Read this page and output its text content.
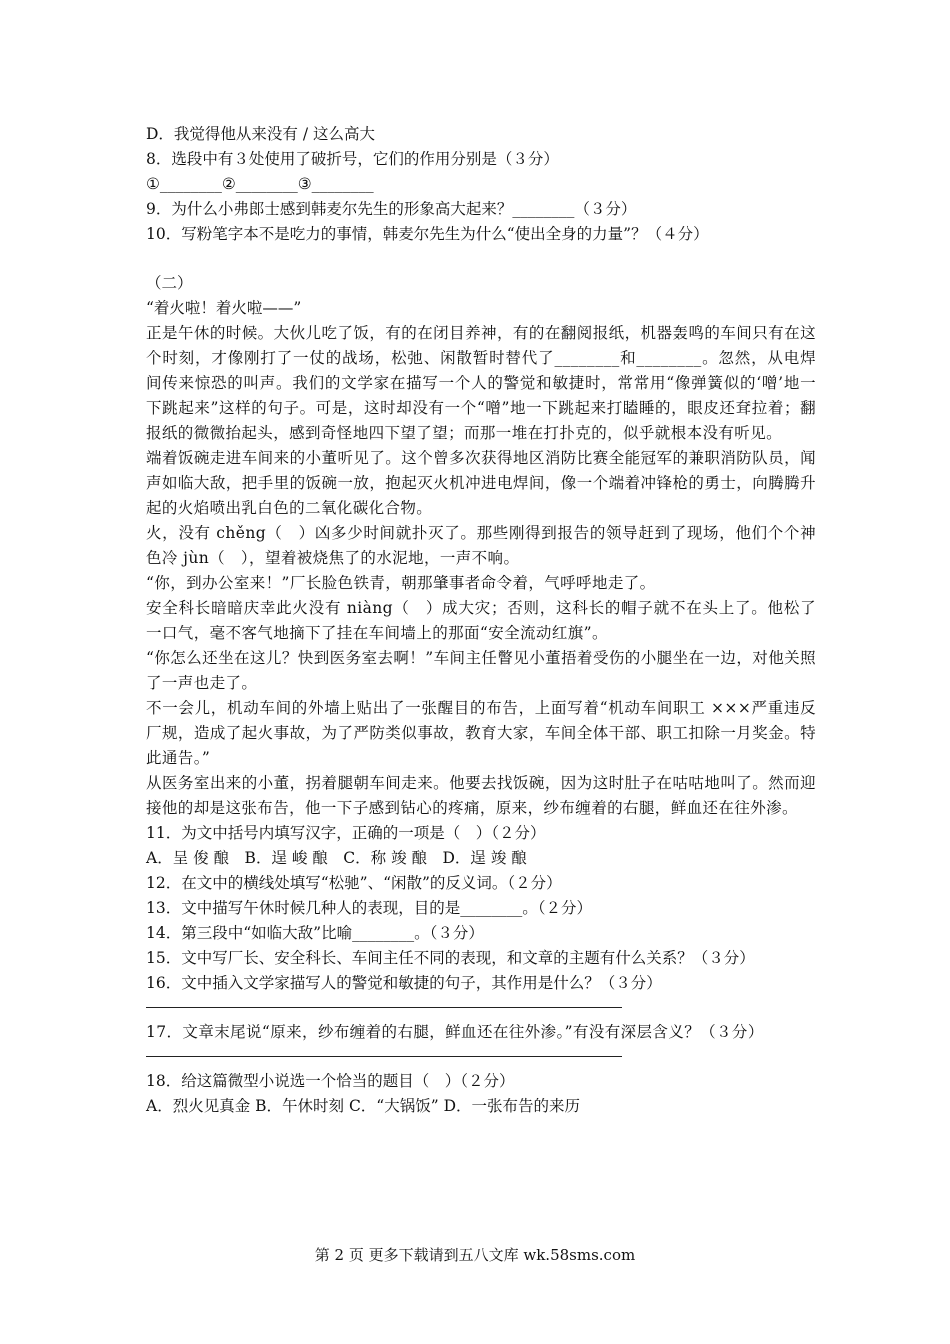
D．我觉得他从来没有 / 这么高大
8．选段中有３处使用了破折号，它们的作用分别是（３分）
①________②________③________
9．为什么小弗郎士感到韩麦尔先生的形象高大起来？________（３分）
10．写粉笔字本不是吃力的事情，韩麦尔先生为什么“使出全身的力量”？（４分）
（二）
“着火啦！着火啦——”
正是午休的时候。大伙儿吃了饭，有的在闭目养神，有的在翻阅报纸，机器轰鸣的车间只有在这个时刻，才像刚打了一仗的战场，松弛、闲散暂时替代了________和________。忽然，从电焊间传来惊恐的叫声。我们的文学家在描写一个人的警觉和敏捷时，常常用“像弹簧似的‘噌’地一下跳起来”这样的句子。可是，这时却没有一个“噌”地一下跳起来打瞌睡的，眼皮还耷拉着；翻报纸的微微抬起头，感到奇怪地四下望了望；而那一堆在打扑克的，似乎就根本没有听见。
端着饭碗走进车间来的小董听见了。这个曾多次获得地区消防比赛全能冠军的兼职消防队员，闻声如临大敌，把手里的饭碗一放，抱起灭火机冲进电焊间，像一个端着冲锋枪的勇士，向腾腾升起的火焰喷出乳白色的二氧化碳化合物。
火，没有 chěng（　）凶多少时间就扑灭了。那些刚得到报告的领导赶到了现场，他们个个神色冷 jùn（　），望着被烧焦了的水泥地，一声不响。
“你，到办公室来！”厂长脸色铁青，朝那肇事者命令着，气呼呼地走了。
安全科长暗暗庆幸此火没有 niàng（　）成大灾；否则，这科长的帽子就不在头上了。他松了一口气，毫不客气地摘下了挂在车间墙上的那面“安全流动红旗”。
“你怎么还坐在这儿？快到医务室去啊！”车间主任瞥见小董捂着受伤的小腿坐在一边，对他关照了一声也走了。
不一会儿，机动车间的外墙上贴出了一张醒目的布告，上面写着“机动车间职工 ×××严重违反厂规，造成了起火事故，为了严防类似事故，教育大家，车间全体干部、职工扣除一月奖金。特此通告。”
从医务室出来的小董，拐着腿朝车间走来。他要去找饭碗，因为这时肚子在咕咕地叫了。然而迎接他的却是这张布告，他一下子感到钻心的疼痛，原来，纱布缠着的右腿，鲜血还在往外渗。
11．为文中括号内填写汉字，正确的一项是（　）（２分）
A．呈 俊 酿　B．逞 峻 酿　C．称 竣 酿　D．逞 竣 酿
12．在文中的横线处填写“松驰”、“闲散”的反义词。（２分）
13．文中描写午休时候几种人的表现，目的是________。（２分）
14．第三段中“如临大敌”比喻________。（３分）
15．文中写厂长、安全科长、车间主任不同的表现，和文章的主题有什么关系？（３分）
16．文中插入文学家描写人的警觉和敏捷的句子，其作用是什么？（３分）
17．文章末尾说“原来，纱布缠着的右腿，鲜血还在往外渗。”有没有深层含义？（３分）
18．给这篇微型小说选一个恰当的题目（　）（２分）
A．烈火见真金 B．午休时刻 C．“大锅饭” D．一张布告的来历
第 2 页 更多下载请到五八文库 wk.58sms.com
